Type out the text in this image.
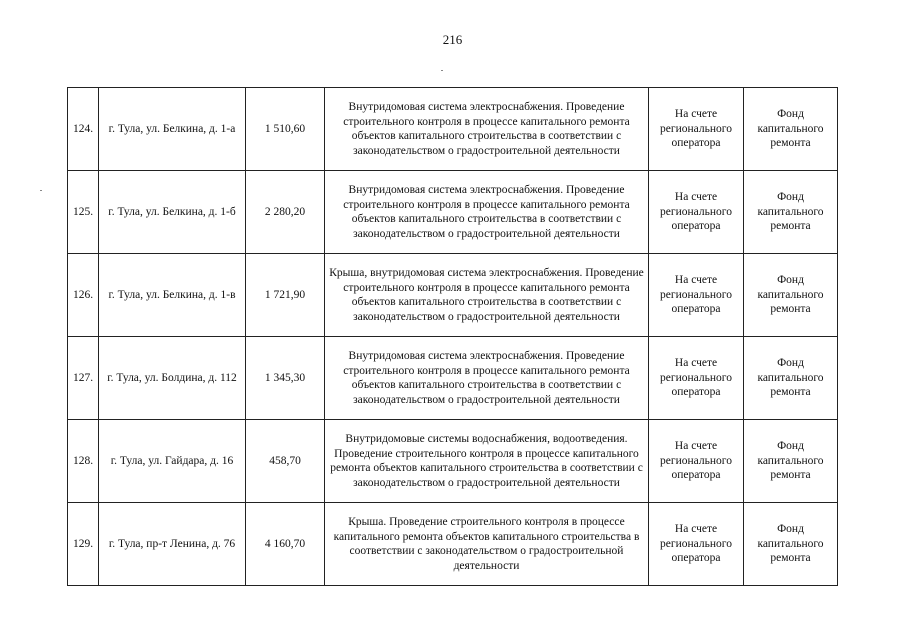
216
124.	г. Тула, ул. Белкина, д. 1-а	1 510,60	Внутридомовая система электроснабжения. Проведение строительного контроля в процессе капитального ремонта объектов капитального строительства в соответствии с законодательством о градостроительной деятельности	На счете регионального оператора	Фонд капитального ремонта
125.	г. Тула, ул. Белкина, д. 1-б	2 280,20	Внутридомовая система электроснабжения. Проведение строительного контроля в процессе капитального ремонта объектов капитального строительства в соответствии с законодательством о градостроительной деятельности	На счете регионального оператора	Фонд капитального ремонта
126.	г. Тула, ул. Белкина, д. 1-в	1 721,90	Крыша, внутридомовая система электроснабжения. Проведение строительного контроля в процессе капитального ремонта объектов капитального строительства в соответствии с законодательством о градостроительной деятельности	На счете регионального оператора	Фонд капитального ремонта
127.	г. Тула, ул. Болдина, д. 112	1 345,30	Внутридомовая система электроснабжения. Проведение строительного контроля в процессе капитального ремонта объектов капитального строительства в соответствии с законодательством о градостроительной деятельности	На счете регионального оператора	Фонд капитального ремонта
128.	г. Тула, ул. Гайдара, д. 16	458,70	Внутридомовые системы водоснабжения, водоотведения. Проведение строительного контроля в процессе капитального ремонта объектов капитального строительства в соответствии с законодательством о градостроительной деятельности	На счете регионального оператора	Фонд капитального ремонта
129.	г. Тула, пр-т Ленина, д. 76	4 160,70	Крыша. Проведение строительного контроля в процессе капитального ремонта объектов капитального строительства в соответствии с законодательством о градостроительной деятельности	На счете регионального оператора	Фонд капитального ремонта
